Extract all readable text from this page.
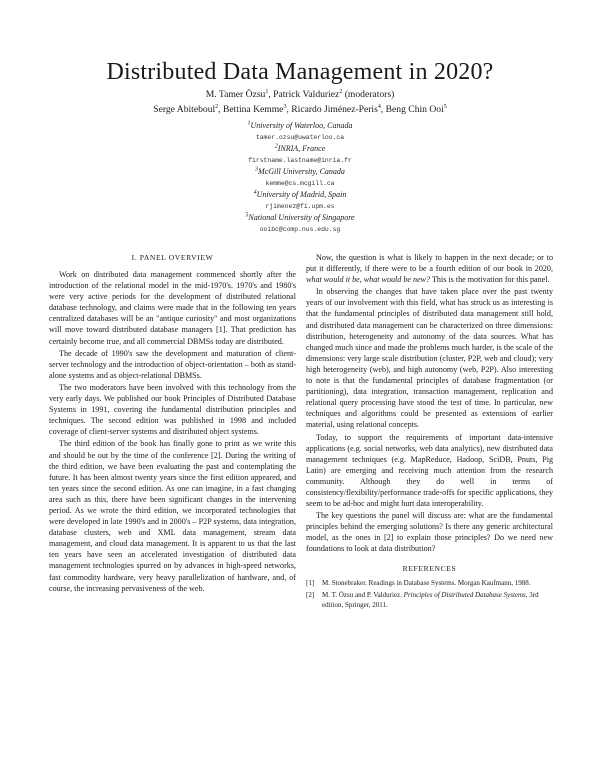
Distributed Data Management in 2020?
M. Tamer Özsu$^1$, Patrick Valduriez$^2$ (moderators)
Serge Abiteboul$^2$, Bettina Kemme$^3$, Ricardo Jiménez-Peris$^4$, Beng Chin Ooi$^5$
$^1$University of Waterloo, Canada
tamer.ozsu@uwaterloo.ca
$^2$INRIA, France
firstname.lastname@inria.fr
$^3$McGill University, Canada
kemme@cs.mcgill.ca
$^4$University of Madrid, Spain
rjimenez@fi.upm.es
$^5$National University of Singapore
ooibc@comp.nus.edu.sg
I. PANEL OVERVIEW

Work on distributed data management commenced shortly after the introduction of the relational model in the mid-1970's. 1970's and 1980's were very active periods for the development of distributed relational database technology, and claims were made that in the following ten years centralized databases will be an "antique curiosity" and most organizations will move toward distributed database managers [1]. That prediction has certainly become true, and all commercial DBMSs today are distributed.

The decade of 1990's saw the development and maturation of client-server technology and the introduction of object-orientation – both as stand-alone systems and as object-relational DBMSs.

The two moderators have been involved with this technology from the very early days. We published our book Principles of Distributed Database Systems in 1991, covering the fundamental distribution principles and techniques. The second edition was published in 1998 and included coverage of client-server systems and distributed object systems.

The third edition of the book has finally gone to print as we write this and should be out by the time of the conference [2]. During the writing of the third edition, we have been evaluating the past and contemplating the future. It has been almost twenty years since the first edition appeared, and ten years since the second edition. As one can imagine, in a fast changing area such as this, there have been significant changes in the intervening period. As we wrote the third edition, we incorporated technologies that were developed in late 1990's and in 2000's – P2P systems, data integration, database clusters, web and XML data management, stream data management, and cloud data management. It is apparent to us that the last ten years have seen an accelerated investigation of distributed data management technologies spurred on by advances in high-speed networks, fast commodity hardware, very heavy parallelization of hardware, and, of course, the increasing pervasiveness of the web.

Now, the question is what is likely to happen in the next decade; or to put it differently, if there were to be a fourth edition of our book in 2020, what would it be, what would be new? This is the motivation for this panel.

In observing the changes that have taken place over the past twenty years of our involvement with this field, what has struck us as interesting is that the fundamental principles of distributed data management still hold, and distributed data management can be characterized on three dimensions: distribution, heterogeneity and autonomy of the data sources. What has changed much since and made the problems much harder, is the scale of the dimensions: very large scale distribution (cluster, P2P, web and cloud); very high heterogeneity (web), and high autonomy (web, P2P). Also interesting to note is that the fundamental principles of database fragmentation (or partitioning), data integration, transaction management, replication and relational query processing have stood the test of time. In particular, new techniques and algorithms could be presented as extensions of earlier material, using relational concepts.

Today, to support the requirements of important data-intensive applications (e.g. social networks, web data analytics), new distributed data management techniques (e.g. MapReduce, Hadoop, SciDB, Pnuts, Pig Latin) are emerging and receiving much attention from the research community. Although they do well in terms of consistency/flexibility/performance trade-offs for specific applications, they seem to be ad-hoc and might hurt data interoperability.

The key questions the panel will discuss are: what are the fundamental principles behind the emerging solutions? Is there any generic architectural model, as the ones in [2] to explain those principles? Do we need new foundations to look at data distribution?

REFERENCES
[1]	M. Stonebraker. Readings in Database Systems. Morgan Kaufmann, 1988.
[2]	M. T. Özsu and P. Valduriez. Principles of Distributed Database Systems, 3rd edition, Springer, 2011.
